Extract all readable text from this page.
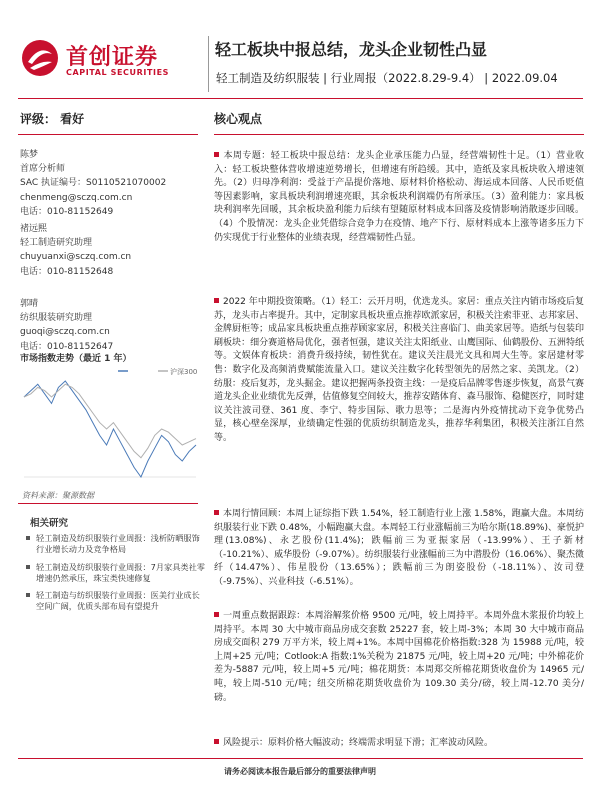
首创证券
CAPITAL SECURITIES
轻工板块中报总结，龙头企业韧性凸显
轻工制造及纺织服装 | 行业周报（2022.8.29-9.4） | 2022.09.04
评级： 看好	核心观点
陈梦
首席分析师
SAC 执证编号：S0110521070002
chenmeng@sczq.com.cn
电话：010-81152649
褚远熙
轻工制造研究助理
chuyuanxi@sczq.com.cn
电话：010-81152648
郭晴
纺织服装研究助理
guoqi@sczq.com.cn
电话：010-81152647
市场指数走势（最近 1 年）
沪深300
资料来源：聚源数据
相关研究
轻工制造及纺织服装行业周报：浅析防晒服饰行业增长动力及竞争格局
轻工制造及纺织服装行业周报：7月家具类社零增速仍然承压，珠宝类快速修复
轻工制造与纺织服装行业周报：医美行业成长空间广阔，优质头部布局有望提升
本周专题：轻工板块中报总结：龙头企业承压能力凸显，经营端韧性十足。（1）营业收入：轻工板块整体营收增速逆势增长，但增速有所趋缓。其中，造纸及家具板块收入增速领先。（2）归母净利润：受益于产品提价落地、原材料价格松动、海运成本回落、人民币贬值等因素影响，家具板块利润增速亮眼，其余板块利润端仍有所承压。（3）盈利能力：家具板块利润率先回暖，其余板块盈利能力后续有望随原材料成本回落及疫情影响消散逐步回暖。（4）个股情况：龙头企业凭借综合竞争力在疫情、地产下行、原材料成本上涨等诸多压力下仍实现优于行业整体的业绩表现，经营端韧性凸显。
2022 年中期投资策略。（1）轻工：云开月明，优选龙头。家居：重点关注内销市场疫后复苏，龙头市占率提升。其中，定制家具板块重点推荐欧派家居，积极关注索菲亚、志邦家居、金牌厨柜等；成品家具板块重点推荐顾家家居，积极关注喜临门、曲美家居等。造纸与包装印刷板块：细分赛道格局优化，强者恒强，建议关注太阳纸业、山鹰国际、仙鹤股份、五洲特纸等。文娱体育板块：消费升级持续，韧性犹在。建议关注晨光文具和周大生等。家居建材零售：数字化及高频消费赋能流量入口。建议关注数字化转型领先的居然之家、美凯龙。（2）纺服：疫后复苏，龙头掘金。建议把握两条投资主线：一是疫后品牌零售逐步恢复，高景气赛道龙头企业业绩优先反弹，估值修复空间较大，推荐安踏体育、森马服饰、稳健医疗，同时建议关注波司登、361 度、李宁、特步国际、歌力思等；二是海内外疫情扰动下竞争优势凸显，核心壁垒深厚，业绩确定性强的优质纺织制造龙头，推荐华利集团，积极关注浙江自然等。
本周行情回顾：本周上证综指下跌 1.54%，轻工制造行业上涨 1.58%，跑赢大盘。本周纺织服装行业下跌 0.48%，小幅跑赢大盘。本周轻工行业涨幅前三为哈尔斯(18.89%)、豪悦护理(13.08%)、永艺股份(11.4%)；跌幅前三为亚振家居（-13.99%）、王子新材（-10.21%）、威华股份（-9.07%）。纺织服装行业涨幅前三为中潜股份（16.06%）、聚杰微纤（14.47%）、伟星股份（13.65%）；跌幅前三为朗姿股份（-18.11%）、汝司登（-9.75%）、兴业科技（-6.51%）。
一周重点数据跟踪：本周浴解浆价格 9500 元/吨，较上周持平。本周外盘木浆报价均较上周持平。本周 30 大中城市商品房成交套数 25227 套，较上周-3%；本周 30 大中城市商品房成交面积 279 万平方米，较上周+1%。本周中国棉花价格指数:328 为 15988 元/吨，较上周+25 元/吨；Cotlook:A 指数:1%关税为 21875 元/吨，较上周+20 元/吨；中外棉花价差为-5887 元/吨，较上周+5 元/吨；棉花期货：本周郑交所棉花期货收盘价为 14965 元/吨，较上周-510 元/吨；纽交所棉花期货收盘价为 109.30 美分/磅，较上周-12.70 美分/磅。
风险提示：原料价格大幅波动；终端需求明显下滑；汇率波动风险。
请务必阅读本报告最后部分的重要法律声明
